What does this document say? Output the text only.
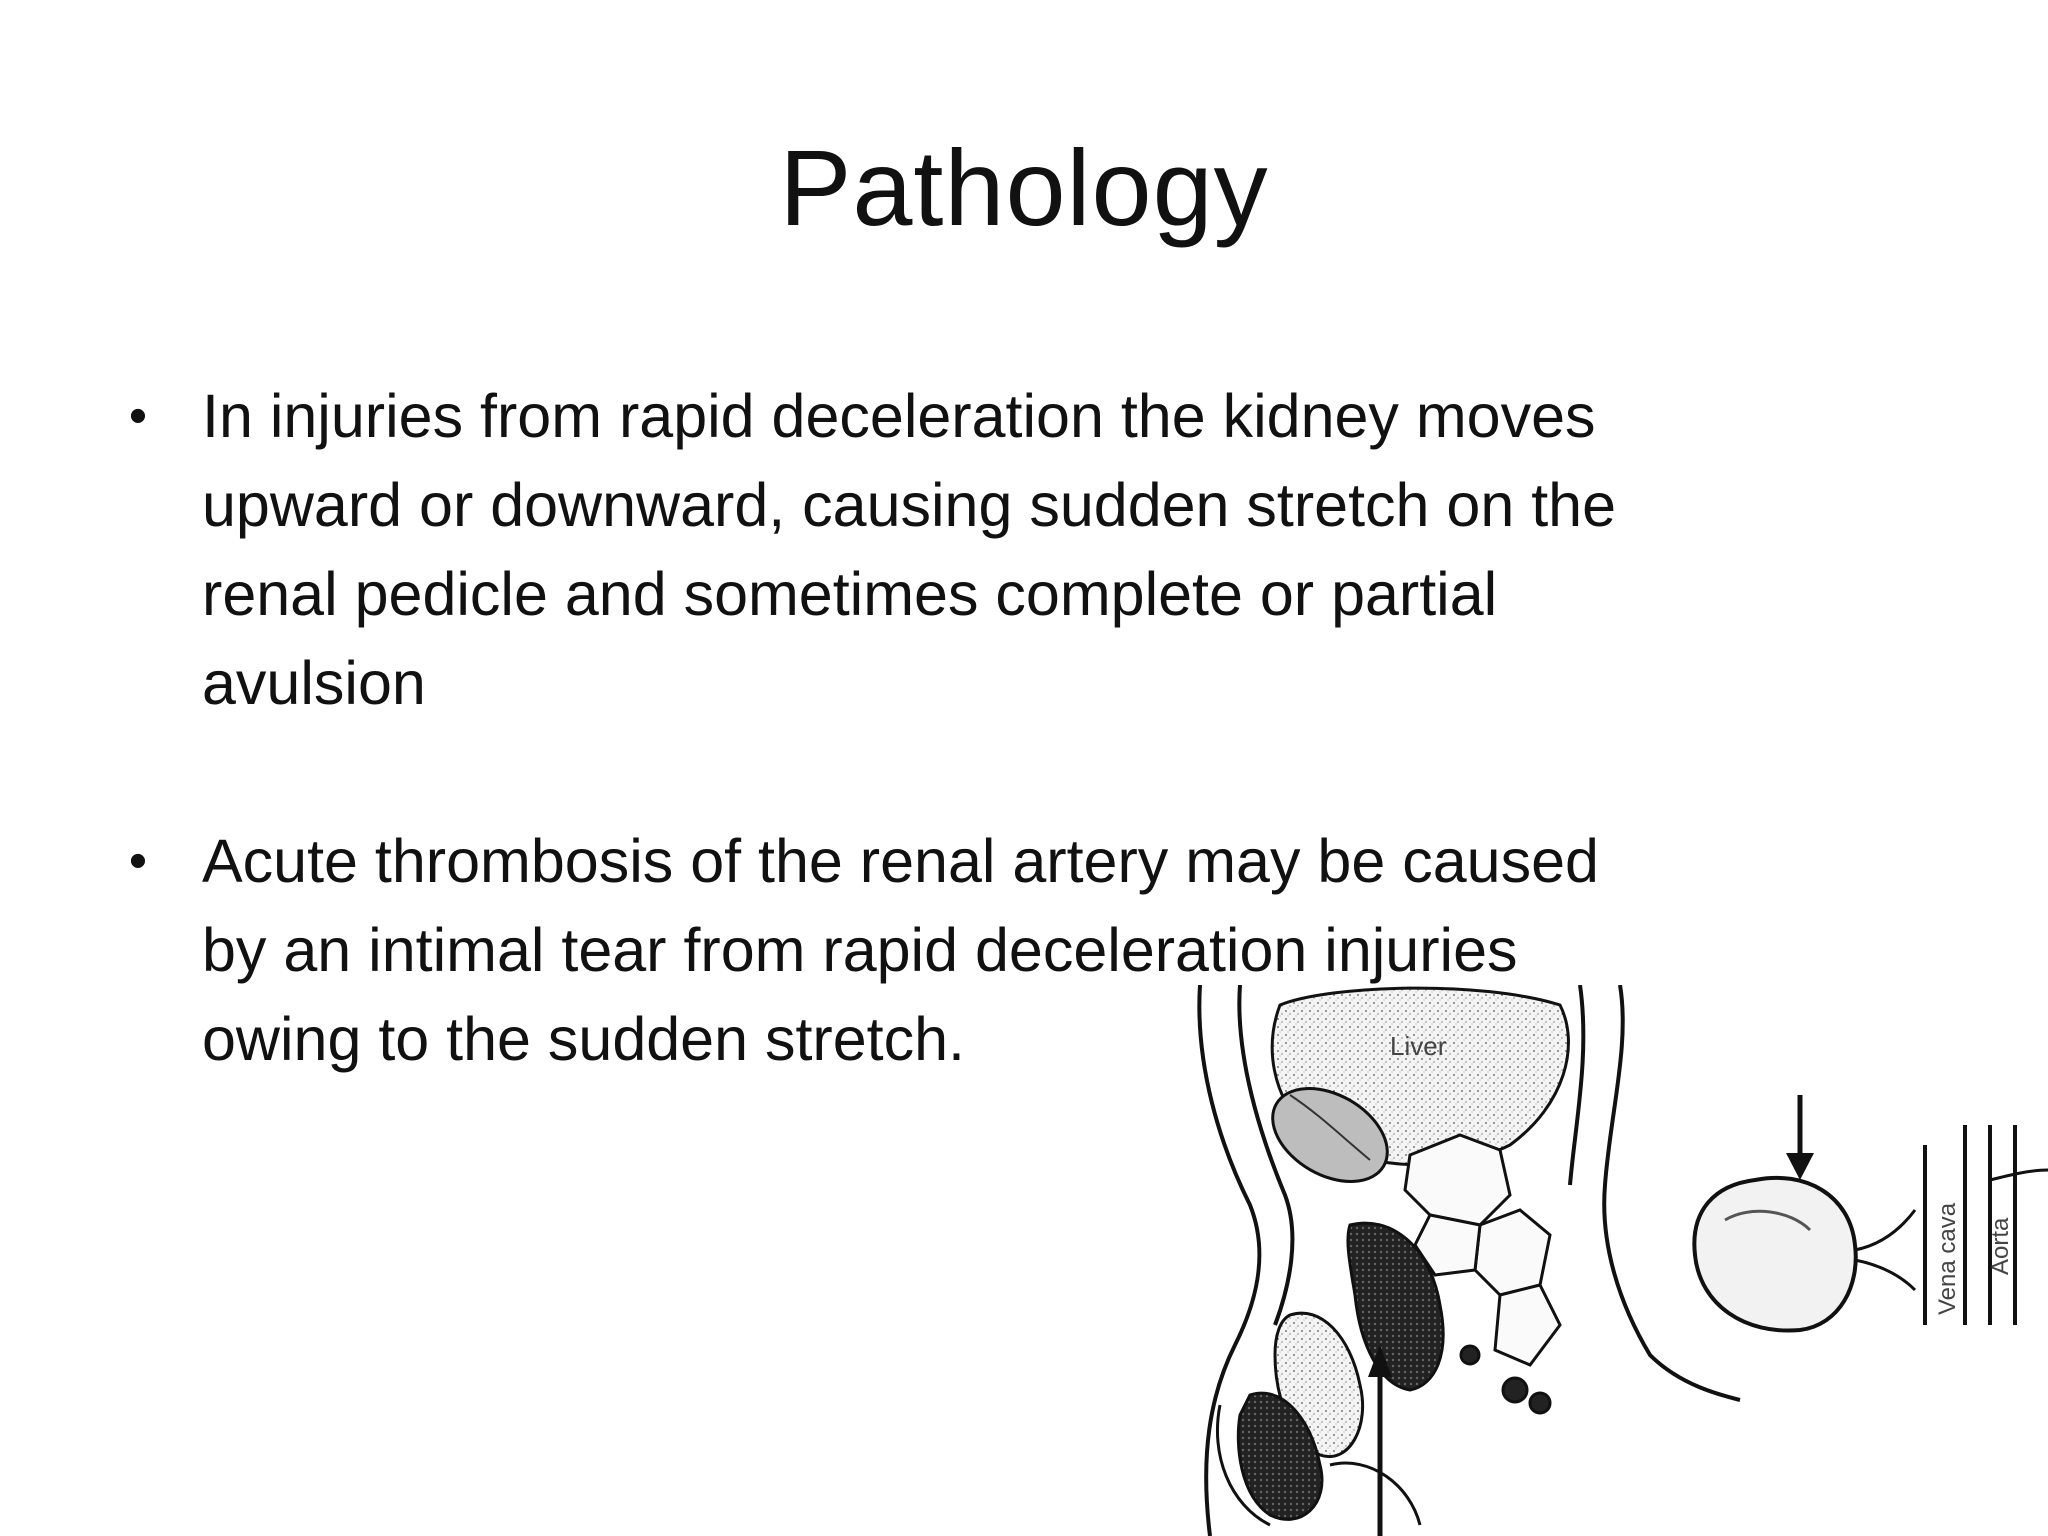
Pathology
• In injuries from rapid deceleration the kidney moves
upward or downward, causing sudden stretch on the
renal pedicle and sometimes complete or partial
avulsion
• Acute thrombosis of the renal artery may be caused
by an intimal tear from rapid deceleration injuries
owing to the sudden stretch.	Liver
Vena cava Aorta
